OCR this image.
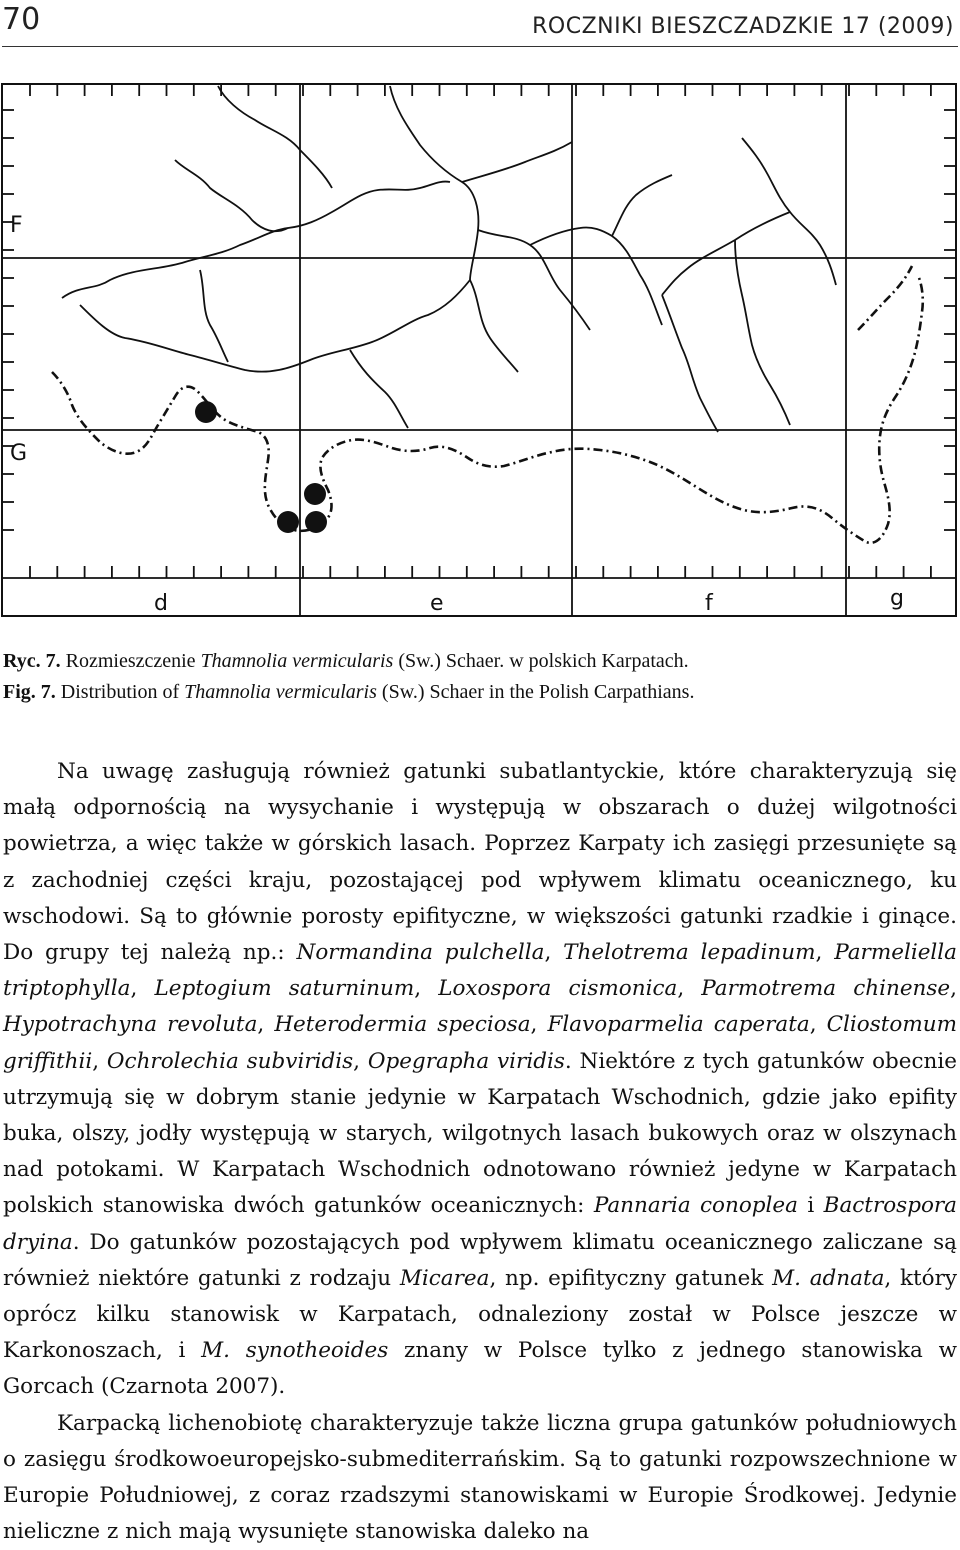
70	ROCZNIKI BIESZCZADZKIE 17 (2009)
F
G
d	e	f	g

Ryc. 7. Rozmieszczenie Thamnolia vermicularis (Sw.) Schaer. w polskich Karpatach.

Fig. 7. Distribution of Thamnolia vermicularis (Sw.) Schaer in the Polish Carpathians.

Na uwagę zasługują również gatunki subatlantyckie, które charakteryzują się małą odpornością na wysychanie i występują w obszarach o dużej wilgotności powietrza, a więc także w górskich lasach. Poprzez Karpaty ich zasięgi przesunięte są z zachodniej części kraju, pozostającej pod wpływem klimatu oceanicznego, ku wschodowi. Są to głównie porosty epifityczne, w większości gatunki rzadkie i ginące. Do grupy tej należą np.: Normandina pulchella, Thelotrema lepadinum, Parmeliella triptophylla, Leptogium saturninum, Loxospora cismonica, Parmotrema chinense, Hypotrachyna revoluta, Heterodermia speciosa, Flavoparmelia caperata, Cliostomum griffithii, Ochrolechia subviridis, Opegrapha viridis. Niektóre z tych gatunków obecnie utrzymują się w dobrym stanie jedynie w Karpatach Wschodnich, gdzie jako epifity buka, olszy, jodły występują w starych, wilgotnych lasach bukowych oraz w olszynach nad potokami. W Karpatach Wschodnich odnotowano również jedyne w Karpatach polskich stanowiska dwóch gatunków oceanicznych: Pannaria conoplea i Bactrospora dryina. Do gatunków pozostających pod wpływem klimatu oceanicznego zaliczane są również niektóre gatunki z rodzaju Micarea, np. epifityczny gatunek M. adnata, który oprócz kilku stanowisk w Karpatach, odnaleziony został w Polsce jeszcze w Karkonoszach, i M. synotheoides znany w Polsce tylko z jednego stanowiska w Gorcach (Czarnota 2007).

Karpacką lichenobiotę charakteryzuje także liczna grupa gatunków południowych o zasięgu środkowoeuropejsko-submediterrańskim. Są to gatunki rozpowszechnione w Europie Południowej, z coraz rzadszymi stanowiskami w Europie Środkowej. Jedynie nieliczne z nich mają wysunięte stanowiska daleko na
